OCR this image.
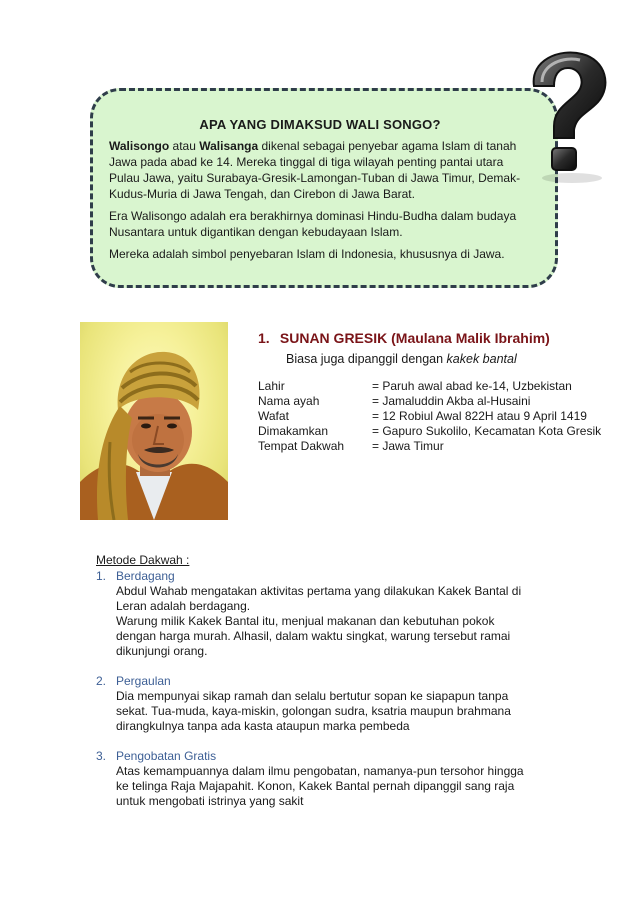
APA YANG DIMAKSUD WALI SONGO?

Walisongo atau Walisanga dikenal sebagai penyebar agama Islam di tanah Jawa pada abad ke 14. Mereka tinggal di tiga wilayah penting pantai utara Pulau Jawa, yaitu Surabaya-Gresik-Lamongan-Tuban di Jawa Timur, Demak-Kudus-Muria di Jawa Tengah, dan Cirebon di Jawa Barat.

Era Walisongo adalah era berakhirnya dominasi Hindu-Budha dalam budaya Nusantara untuk digantikan dengan kebudayaan Islam.

Mereka adalah simbol penyebaran Islam di Indonesia, khususnya di Jawa.

1. SUNAN GRESIK (Maulana Malik Ibrahim)

Biasa juga dipanggil dengan kakek bantal

Lahir	= Paruh awal abad ke-14, Uzbekistan
Nama ayah	= Jamaluddin Akba al-Husaini
Wafat	= 12 Robiul Awal 822H atau 9 April 1419
Dimakamkan	= Gapuro Sukolilo, Kecamatan Kota Gresik
Tempat Dakwah	= Jawa Timur

Metode Dakwah :

1. Berdagang

Abdul Wahab mengatakan aktivitas pertama yang dilakukan Kakek Bantal di

Leran adalah berdagang.

Warung milik Kakek Bantal itu, menjual makanan dan kebutuhan pokok

dengan harga murah. Alhasil, dalam waktu singkat, warung tersebut ramai

dikunjungi orang.

2. Pergaulan

Dia mempunyai sikap ramah dan selalu bertutur sopan ke siapapun tanpa

sekat. Tua-muda, kaya-miskin, golongan sudra, ksatria maupun brahmana

dirangkulnya tanpa ada kasta ataupun marka pembeda

3. Pengobatan Gratis

Atas kemampuannya dalam ilmu pengobatan, namanya-pun tersohor hingga

ke telinga Raja Majapahit. Konon, Kakek Bantal pernah dipanggil sang raja

untuk mengobati istrinya yang sakit
